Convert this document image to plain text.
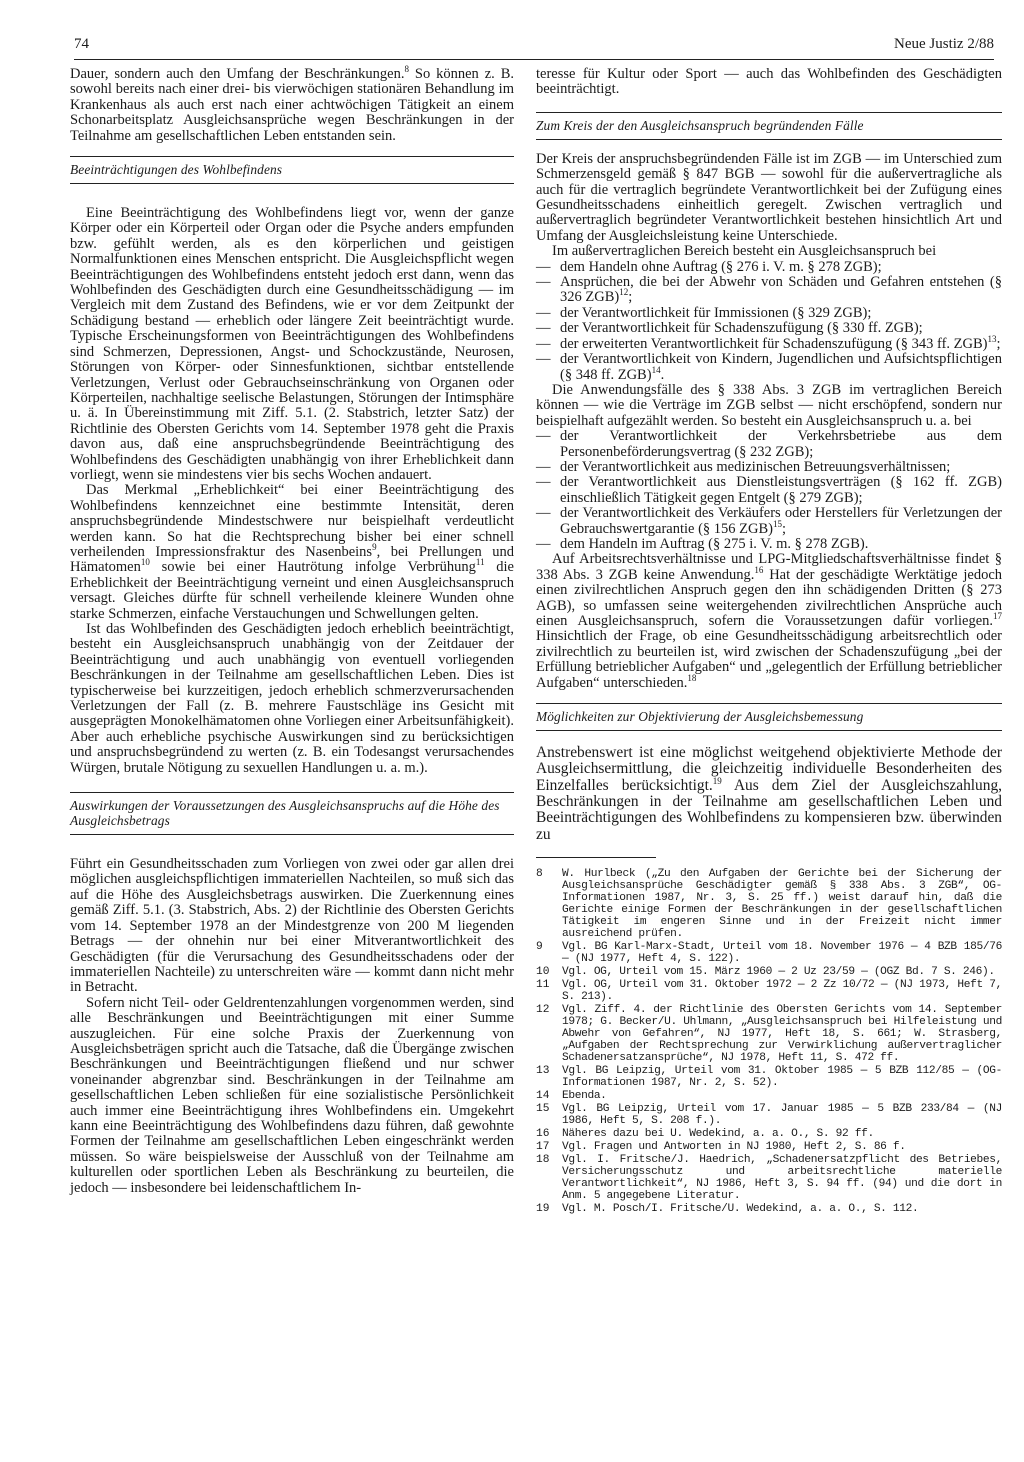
74	Neue Justiz 2/88

Dauer, sondern auch den Umfang der Beschränkungen.$^8$ So können z. B. sowohl bereits nach einer drei- bis vierwöchigen stationären Behandlung im Krankenhaus als auch erst nach einer achtwöchigen Tätigkeit an einem Schonarbeitsplatz Ausgleichsansprüche wegen Beschränkungen in der Teilnahme am gesellschaftlichen Leben entstanden sein.

Beeinträchtigungen des Wohlbefindens

Eine Beeinträchtigung des Wohlbefindens liegt vor, wenn der ganze Körper oder ein Körperteil oder Organ oder die Psyche anders empfunden bzw. gefühlt werden, als es den körperlichen und geistigen Normalfunktionen eines Menschen entspricht. Die Ausgleichspflicht wegen Beeinträchtigungen des Wohlbefindens entsteht jedoch erst dann, wenn das Wohlbefinden des Geschädigten durch eine Gesundheitsschädigung — im Vergleich mit dem Zustand des Befindens, wie er vor dem Zeitpunkt der Schädigung bestand — erheblich oder längere Zeit beeinträchtigt wurde. Typische Erscheinungsformen von Beeinträchtigungen des Wohlbefindens sind Schmerzen, Depressionen, Angst- und Schockzustände, Neurosen, Störungen von Körper- oder Sinnesfunktionen, sichtbar entstellende Verletzungen, Verlust oder Gebrauchseinschränkung von Organen oder Körperteilen, nachhaltige seelische Belastungen, Störungen der Intimsphäre u. ä. In Übereinstimmung mit Ziff. 5.1. (2. Stabstrich, letzter Satz) der Richtlinie des Obersten Gerichts vom 14. September 1978 geht die Praxis davon aus, daß eine anspruchsbegründende Beeinträchtigung des Wohlbefindens des Geschädigten unabhängig von ihrer Erheblichkeit dann vorliegt, wenn sie mindestens vier bis sechs Wochen andauert.

Das Merkmal „Erheblichkeit“ bei einer Beeinträchtigung des Wohlbefindens kennzeichnet eine bestimmte Intensität, deren anspruchsbegründende Mindestschwere nur beispielhaft verdeutlicht werden kann. So hat die Rechtsprechung bisher bei einer schnell verheilenden Impressionsfraktur des Nasenbeins$^9$, bei Prellungen und Hämatomen$^{10}$ sowie bei einer Hautrötung infolge Verbrühung$^{11}$ die Erheblichkeit der Beeinträchtigung verneint und einen Ausgleichsanspruch versagt. Gleiches dürfte für schnell verheilende kleinere Wunden ohne starke Schmerzen, einfache Verstauchungen und Schwellungen gelten.

Ist das Wohlbefinden des Geschädigten jedoch erheblich beeinträchtigt, besteht ein Ausgleichsanspruch unabhängig von der Zeitdauer der Beeinträchtigung und auch unabhängig von eventuell vorliegenden Beschränkungen in der Teilnahme am gesellschaftlichen Leben. Dies ist typischerweise bei kurzzeitigen, jedoch erheblich schmerzverursachenden Verletzungen der Fall (z. B. mehrere Faustschläge ins Gesicht mit ausgeprägten Monokelhämatomen ohne Vorliegen einer Arbeitsunfähigkeit). Aber auch erhebliche psychische Auswirkungen sind zu berücksichtigen und anspruchsbegründend zu werten (z. B. ein Todesangst verursachendes Würgen, brutale Nötigung zu sexuellen Handlungen u. a. m.).

Auswirkungen der Voraussetzungen des Ausgleichsanspruchs auf die Höhe des Ausgleichsbetrags

Führt ein Gesundheitsschaden zum Vorliegen von zwei oder gar allen drei möglichen ausgleichspflichtigen immateriellen Nachteilen, so muß sich das auf die Höhe des Ausgleichsbetrags auswirken. Die Zuerkennung eines gemäß Ziff. 5.1. (3. Stabstrich, Abs. 2) der Richtlinie des Obersten Gerichts vom 14. September 1978 an der Mindestgrenze von 200 M liegenden Betrags — der ohnehin nur bei einer Mitverantwortlichkeit des Geschädigten (für die Verursachung des Gesundheitsschadens oder der immateriellen Nachteile) zu unterschreiten wäre — kommt dann nicht mehr in Betracht.

Sofern nicht Teil- oder Geldrentenzahlungen vorgenommen werden, sind alle Beschränkungen und Beeinträchtigungen mit einer Summe auszugleichen. Für eine solche Praxis der Zuerkennung von Ausgleichsbeträgen spricht auch die Tatsache, daß die Übergänge zwischen Beschränkungen und Beeinträchtigungen fließend und nur schwer voneinander abgrenzbar sind. Beschränkungen in der Teilnahme am gesellschaftlichen Leben schließen für eine sozialistische Persönlichkeit auch immer eine Beeinträchtigung ihres Wohlbefindens ein. Umgekehrt kann eine Beeinträchtigung des Wohlbefindens dazu führen, daß gewohnte Formen der Teilnahme am gesellschaftlichen Leben eingeschränkt werden müssen. So wäre beispielsweise der Ausschluß von der Teilnahme am kulturellen oder sportlichen Leben als Beschränkung zu beurteilen, die jedoch — insbesondere bei leidenschaftlichem In-

teresse für Kultur oder Sport — auch das Wohlbefinden des Geschädigten beeinträchtigt.

Zum Kreis der den Ausgleichsanspruch begründenden Fälle

Der Kreis der anspruchsbegründenden Fälle ist im ZGB — im Unterschied zum Schmerzensgeld gemäß § 847 BGB — sowohl für die außervertragliche als auch für die vertraglich begründete Verantwortlichkeit bei der Zufügung eines Gesundheitsschadens einheitlich geregelt. Zwischen vertraglich und außervertraglich begründeter Verantwortlichkeit bestehen hinsichtlich Art und Umfang der Ausgleichsleistung keine Unterschiede.

Im außervertraglichen Bereich besteht ein Ausgleichsanspruch bei

— dem Handeln ohne Auftrag (§ 276 i. V. m. § 278 ZGB);
— Ansprüchen, die bei der Abwehr von Schäden und Gefahren entstehen (§ 326 ZGB)$^{12}$;
— der Verantwortlichkeit für Immissionen (§ 329 ZGB);
— der Verantwortlichkeit für Schadenszufügung (§ 330 ff. ZGB);
— der erweiterten Verantwortlichkeit für Schadenszufügung (§ 343 ff. ZGB)$^{13}$;
— der Verantwortlichkeit von Kindern, Jugendlichen und Aufsichtspflichtigen (§ 348 ff. ZGB)$^{14}$.

Die Anwendungsfälle des § 338 Abs. 3 ZGB im vertraglichen Bereich können — wie die Verträge im ZGB selbst — nicht erschöpfend, sondern nur beispielhaft aufgezählt werden. So besteht ein Ausgleichsanspruch u. a. bei

— der Verantwortlichkeit der Verkehrsbetriebe aus dem Personenbeförderungsvertrag (§ 232 ZGB);
— der Verantwortlichkeit aus medizinischen Betreuungsverhältnissen;
— der Verantwortlichkeit aus Dienstleistungsverträgen (§ 162 ff. ZGB) einschließlich Tätigkeit gegen Entgelt (§ 279 ZGB);
— der Verantwortlichkeit des Verkäufers oder Herstellers für Verletzungen der Gebrauchswertgarantie (§ 156 ZGB)$^{15}$;
— dem Handeln im Auftrag (§ 275 i. V. m. § 278 ZGB).

Auf Arbeitsrechtsverhältnisse und LPG-Mitgliedschaftsverhältnisse findet § 338 Abs. 3 ZGB keine Anwendung.$^{16}$ Hat der geschädigte Werktätige jedoch einen zivilrechtlichen Anspruch gegen den ihn schädigenden Dritten (§ 273 AGB), so umfassen seine weitergehenden zivilrechtlichen Ansprüche auch einen Ausgleichsanspruch, sofern die Voraussetzungen dafür vorliegen.$^{17}$ Hinsichtlich der Frage, ob eine Gesundheitsschädigung arbeitsrechtlich oder zivilrechtlich zu beurteilen ist, wird zwischen der Schadenszufügung „bei der Erfüllung betrieblicher Aufgaben“ und „gelegentlich der Erfüllung betrieblicher Aufgaben“ unterschieden.$^{18}$

Möglichkeiten zur Objektivierung der Ausgleichsbemessung

Anstrebenswert ist eine möglichst weitgehend objektivierte Methode der Ausgleichsermittlung, die gleichzeitig individuelle Besonderheiten des Einzelfalles berücksichtigt.$^{19}$ Aus dem Ziel der Ausgleichszahlung, Beschränkungen in der Teilnahme am gesellschaftlichen Leben und Beeinträchtigungen des Wohlbefindens zu kompensieren bzw. überwinden zu

8	W. Hurlbeck („Zu den Aufgaben der Gerichte bei der Sicherung der Ausgleichsansprüche Geschädigter gemäß § 338 Abs. 3 ZGB“, OG-Informationen 1987, Nr. 3, S. 25 ff.) weist darauf hin, daß die Gerichte einige Formen der Beschränkungen in der gesellschaftlichen Tätigkeit im engeren Sinne und in der Freizeit nicht immer ausreichend prüfen.
9	Vgl. BG Karl-Marx-Stadt, Urteil vom 18. November 1976 — 4 BZB 185/76 — (NJ 1977, Heft 4, S. 122).
10	Vgl. OG, Urteil vom 15. März 1960 — 2 Uz 23/59 — (OGZ Bd. 7 S. 246).
11	Vgl. OG, Urteil vom 31. Oktober 1972 — 2 Zz 10/72 — (NJ 1973, Heft 7, S. 213).
12	Vgl. Ziff. 4. der Richtlinie des Obersten Gerichts vom 14. September 1978; G. Becker/U. Uhlmann, „Ausgleichsanspruch bei Hilfeleistung und Abwehr von Gefahren“, NJ 1977, Heft 18, S. 661; W. Strasberg, „Aufgaben der Rechtsprechung zur Verwirklichung außervertraglicher Schadenersatzansprüche“, NJ 1978, Heft 11, S. 472 ff.
13	Vgl. BG Leipzig, Urteil vom 31. Oktober 1985 — 5 BZB 112/85 — (OG-Informationen 1987, Nr. 2, S. 52).
14	Ebenda.
15	Vgl. BG Leipzig, Urteil vom 17. Januar 1985 — 5 BZB 233/84 — (NJ 1986, Heft 5, S. 208 f.).
16	Näheres dazu bei U. Wedekind, a. a. O., S. 92 ff.
17	Vgl. Fragen und Antworten in NJ 1980, Heft 2, S. 86 f.
18	Vgl. I. Fritsche/J. Haedrich, „Schadenersatzpflicht des Betriebes, Versicherungsschutz und arbeitsrechtliche materielle Verantwortlichkeit“, NJ 1986, Heft 3, S. 94 ff. (94) und die dort in Anm. 5 angegebene Literatur.
19	Vgl. M. Posch/I. Fritsche/U. Wedekind, a. a. O., S. 112.
